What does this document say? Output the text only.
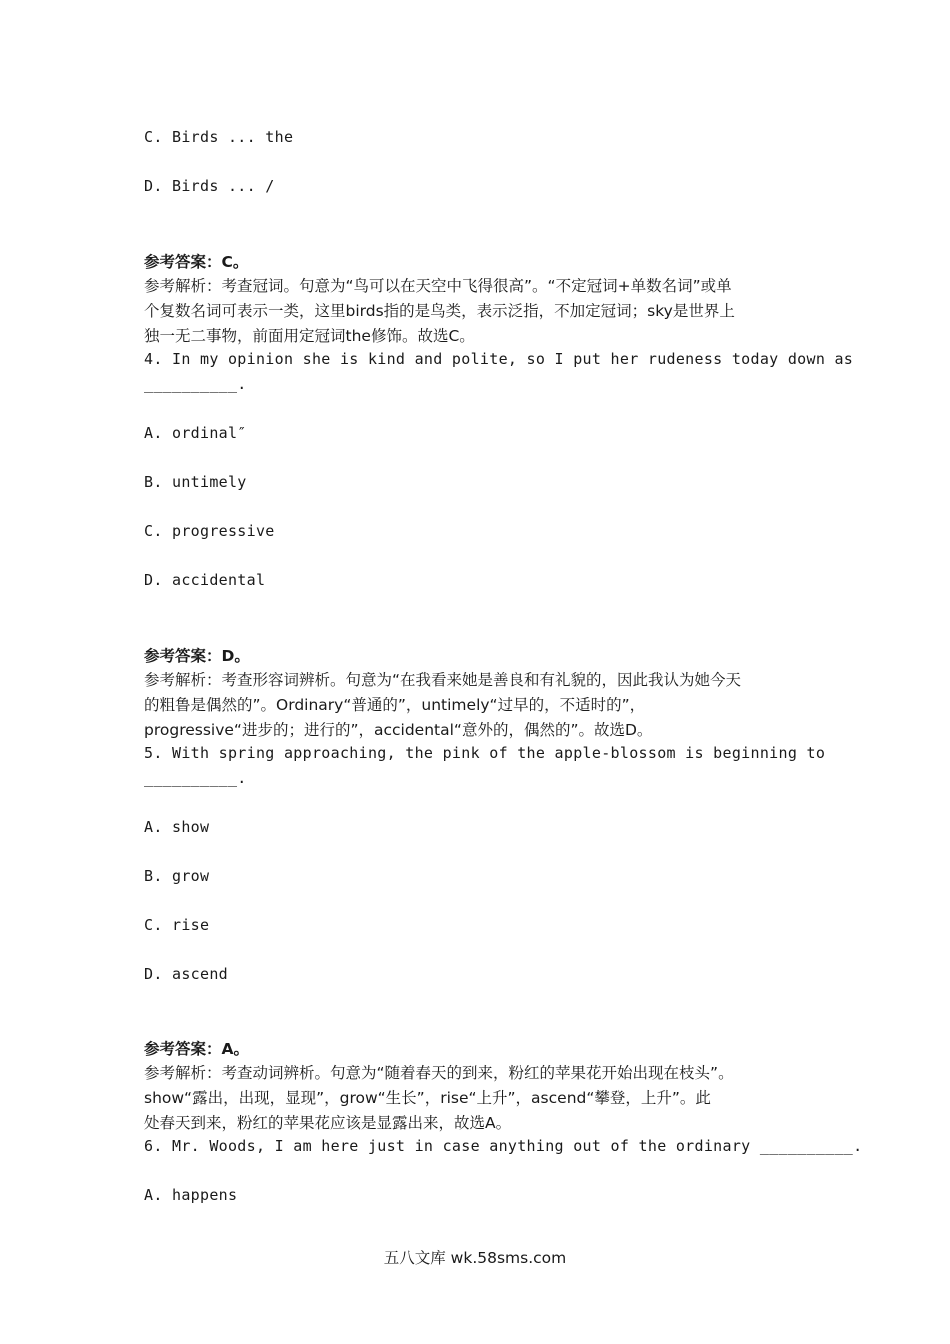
C. Birds ... the
D. Birds ... /
参考答案：C。
参考解析：考查冠词。句意为“鸟可以在天空中飞得很高”。“不定冠词+单数名词”或单
个复数名词可表示一类，这里birds指的是鸟类，表示泛指，不加定冠词；sky是世界上
独一无二事物，前面用定冠词the修饰。故选C。
4. In my opinion she is kind and polite, so I put her rudeness today down as
__________.
A. ordinal″
B. untimely
C. progressive
D. accidental
参考答案：D。
参考解析：考查形容词辨析。句意为“在我看来她是善良和有礼貌的，因此我认为她今天
的粗鲁是偶然的”。Ordinary“普通的”，untimely“过早的，不适时的”，
progressive“进步的；进行的”，accidental“意外的，偶然的”。故选D。
5. With spring approaching, the pink of the apple-blossom is beginning to
__________.
A. show
B. grow
C. rise
D. ascend
参考答案：A。
参考解析：考查动词辨析。句意为“随着春天的到来，粉红的苹果花开始出现在枝头”。
show“露出，出现，显现”，grow“生长”，rise“上升”，ascend“攀登，上升”。此
处春天到来，粉红的苹果花应该是显露出来，故选A。
6. Mr. Woods, I am here just in case anything out of the ordinary __________.
A. happens
五八文库 wk.58sms.com
